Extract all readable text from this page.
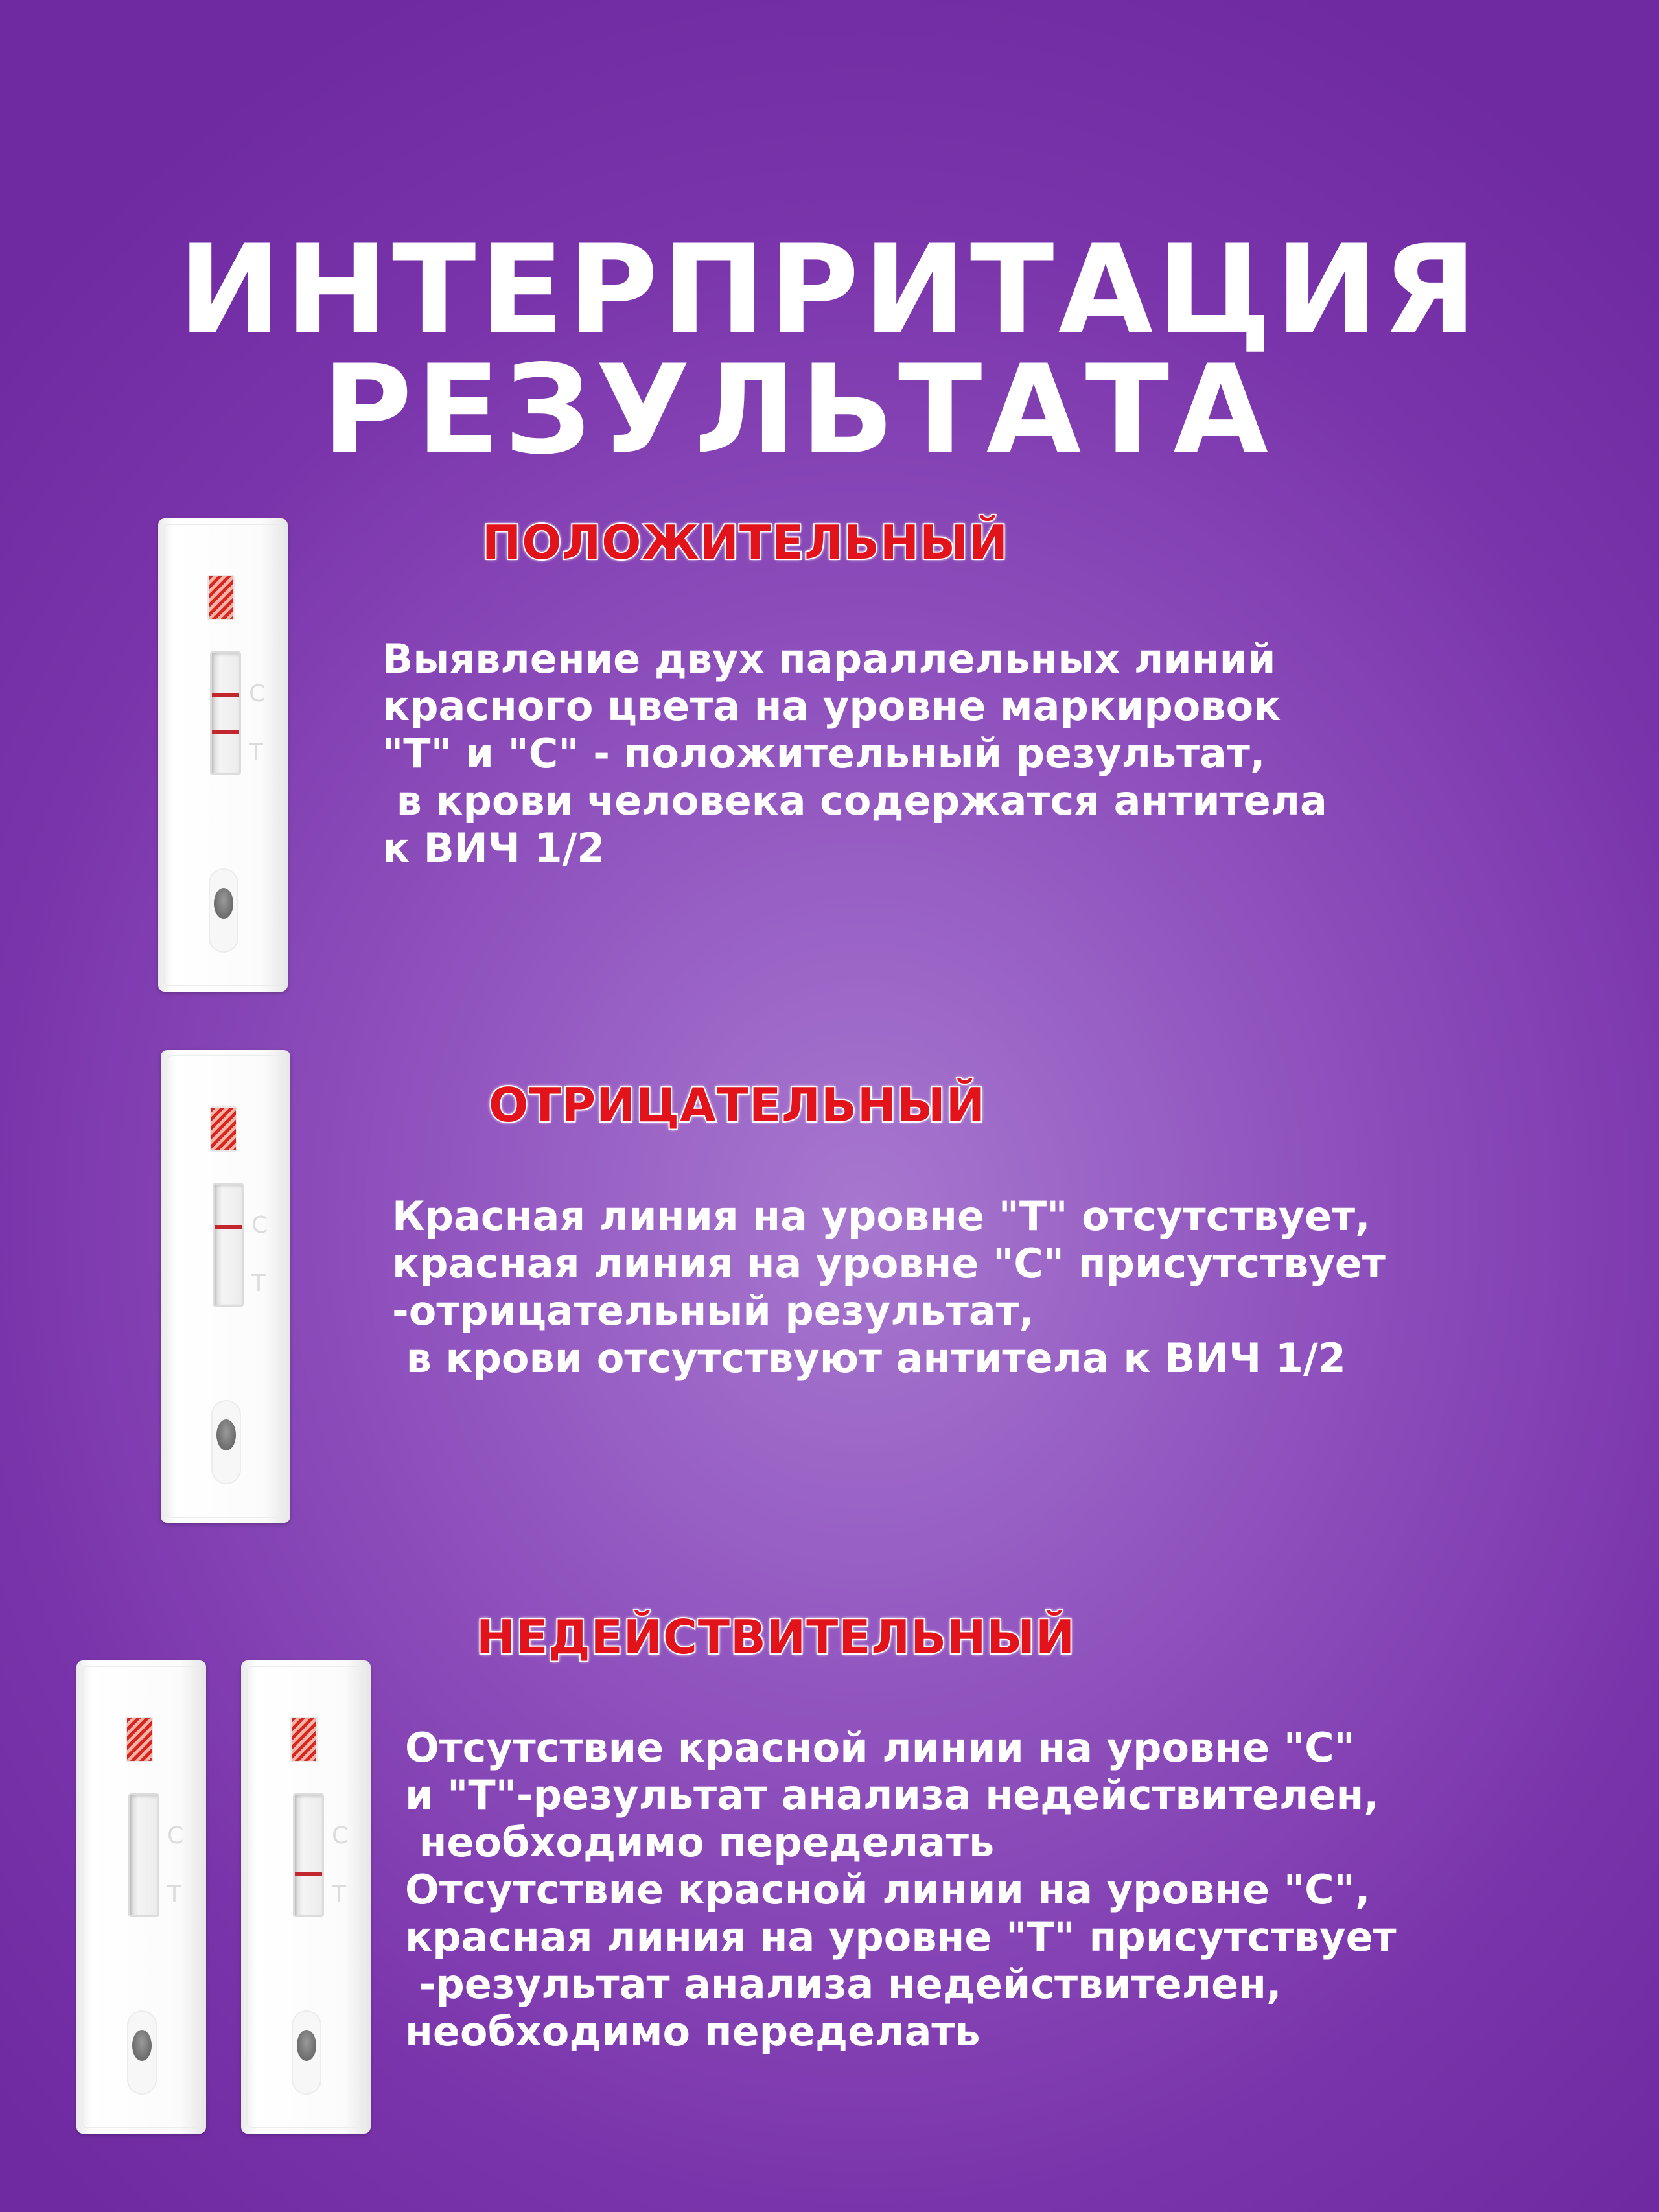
ИНТЕРПРИТАЦИЯ
РЕЗУЛЬТАТА
C
T
ПОЛОЖИТЕЛЬНЫЙ

Выявление двух параллельных линий
красного цвета на уровне маркировок
"Т" и "С" - положительный результат,
в крови человека содержатся антитела
к ВИЧ 1/2

C
T
ОТРИЦАТЕЛЬНЫЙ

Красная линия на уровне "Т" отсутствует,
красная линия на уровне "С" присутствует
-отрицательный результат,
в крови отсутствуют антитела к ВИЧ 1/2

C
T
C
T
НЕДЕЙСТВИТЕЛЬНЫЙ

Отсутствие красной линии на уровне "С"
и "Т"-результат анализа недействителен,
необходимо переделать
Отсутствие красной линии на уровне "С",
красная линия на уровне "Т" присутствует
-результат анализа недействителен,
необходимо переделать
